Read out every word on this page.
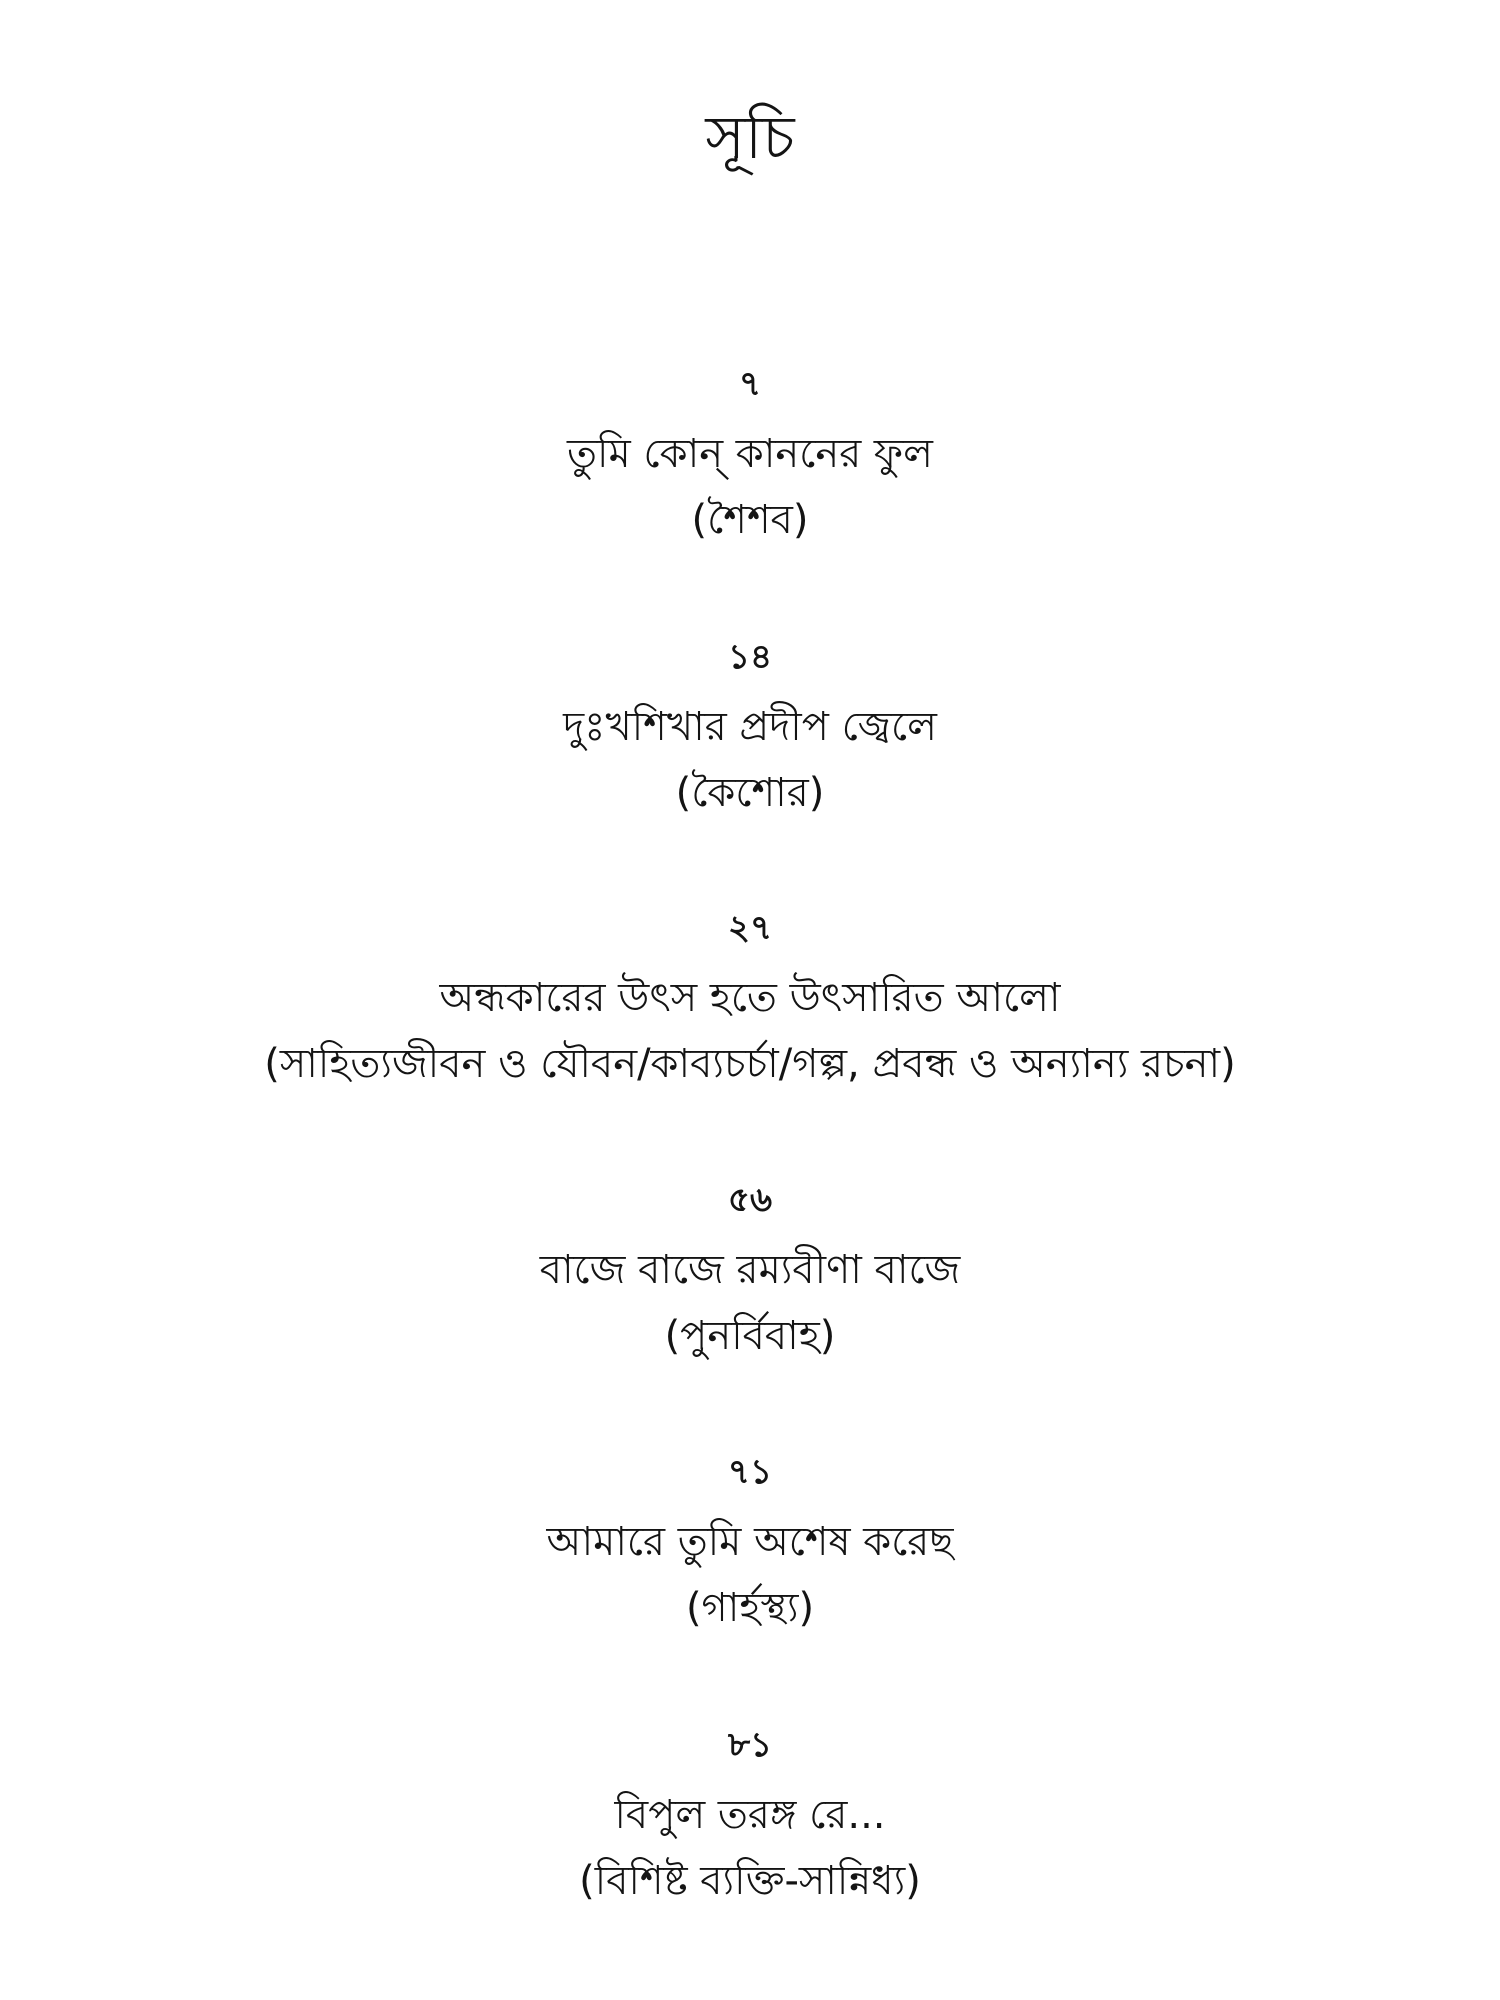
সূচি
৭
তুমি কোন্ কাননের ফুল
(শৈশব)
১৪
দুঃখশিখার প্রদীপ জ্বেলে
(কৈশোর)
২৭
অন্ধকারের উৎস হতে উৎসারিত আলো
(সাহিত্যজীবন ও যৌবন/কাব্যচর্চা/গল্প, প্রবন্ধ ও অন্যান্য রচনা)
৫৬
বাজে বাজে রম্যবীণা বাজে
(পুনর্বিবাহ)
৭১
আমারে তুমি অশেষ করেছ
(গার্হস্থ্য)
৮১
বিপুল তরঙ্গ রে...
(বিশিষ্ট ব্যক্তি-সান্নিধ্য)
